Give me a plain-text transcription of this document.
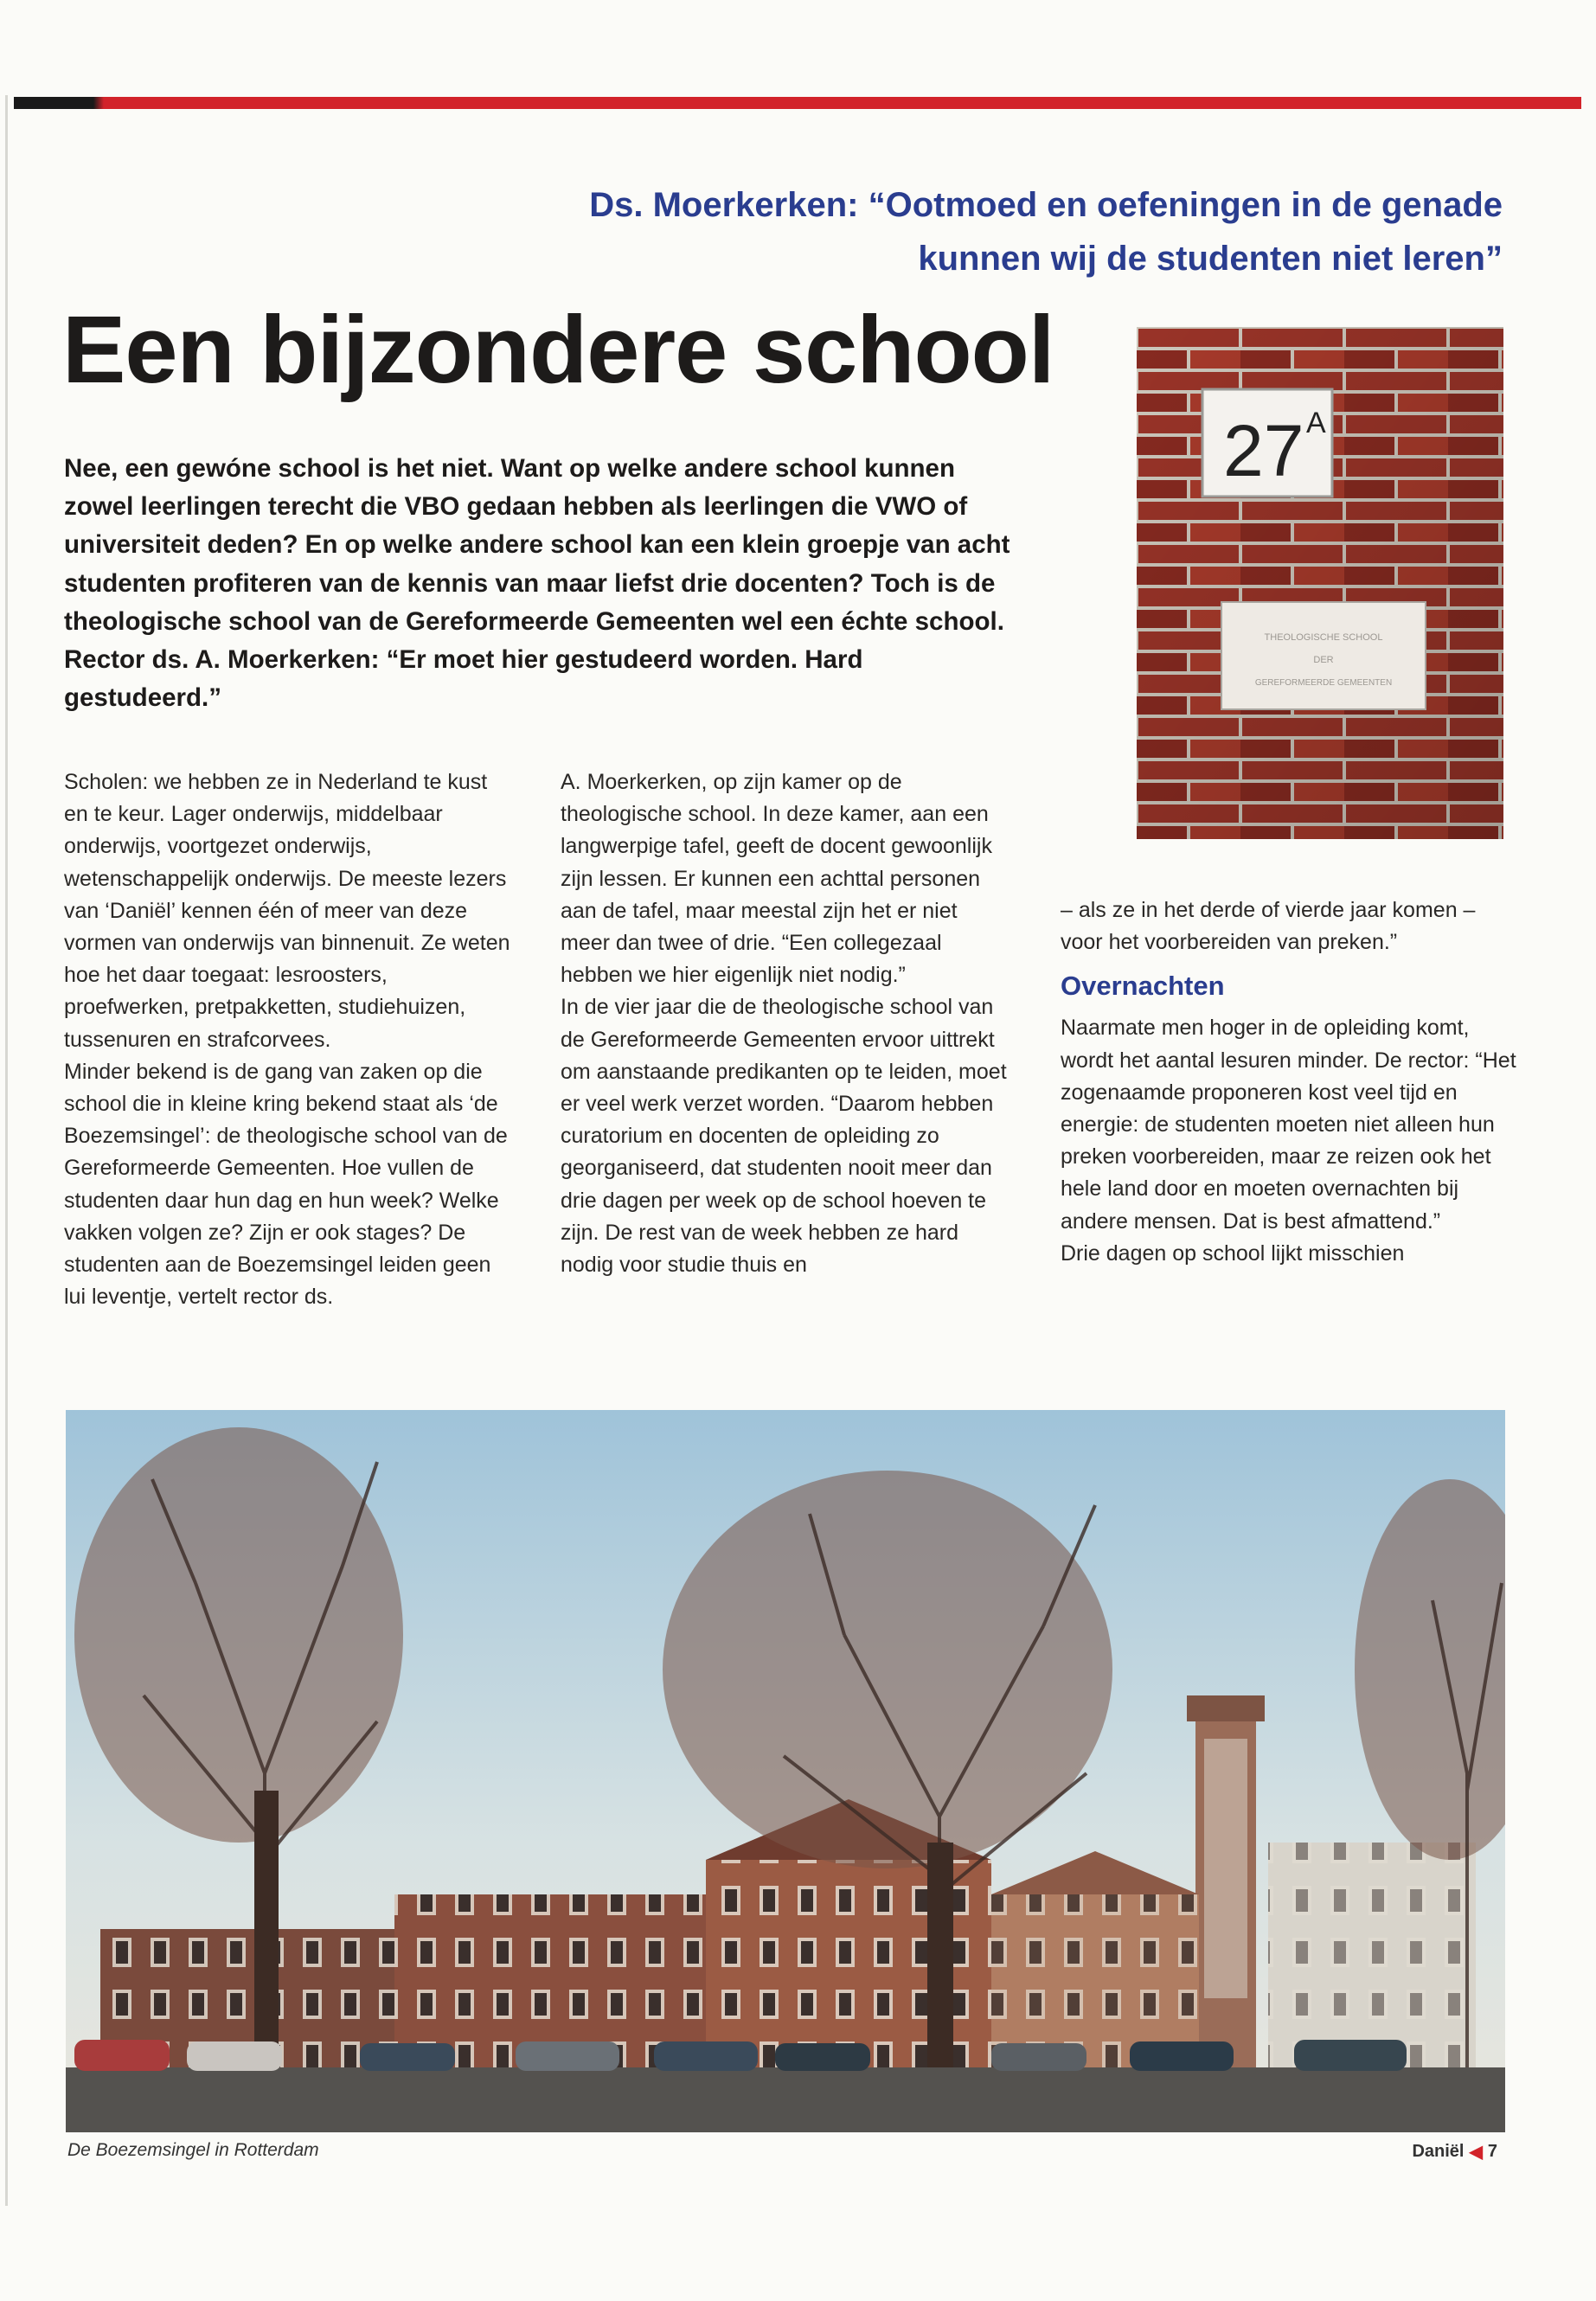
Ds. Moerkerken: “Ootmoed en oefeningen in de genade
kunnen wij de studenten niet leren”
Een bijzondere school

Nee, een gewóne school is het niet. Want op welke andere school kunnen zowel leerlingen terecht die VBO gedaan hebben als leerlingen die VWO of universiteit deden? En op welke andere school kan een klein groepje van acht studenten profiteren van de kennis van maar liefst drie docenten? Toch is de theologische school van de Gereformeerde Gemeenten wel een échte school. Rector ds. A. Moerkerken: “Er moet hier gestudeerd worden. Hard gestudeerd.”

27 A
THEOLOGISCHE SCHOOL
DER
GEREFORMEERDE GEMEENTEN

Scholen: we hebben ze in Nederland te kust en te keur. Lager onderwijs, middelbaar onderwijs, voortgezet onderwijs, wetenschappelijk onderwijs. De meeste lezers van ‘Daniël’ kennen één of meer van deze vormen van onderwijs van binnenuit. Ze weten hoe het daar toegaat: lesroosters, proefwerken, pretpakketten, studiehuizen, tussenuren en strafcorvees.

Minder bekend is de gang van zaken op die school die in kleine kring bekend staat als ‘de Boezemsingel’: de theologische school van de Gereformeerde Gemeenten. Hoe vullen de studenten daar hun dag en hun week? Welke vakken volgen ze? Zijn er ook stages? De studenten aan de Boezemsingel leiden geen lui leventje, vertelt rector ds.

A. Moerkerken, op zijn kamer op de theologische school. In deze kamer, aan een langwerpige tafel, geeft de docent gewoonlijk zijn lessen. Er kunnen een achttal personen aan de tafel, maar meestal zijn het er niet meer dan twee of drie. “Een collegezaal hebben we hier eigenlijk niet nodig.”

In de vier jaar die de theologische school van de Gereformeerde Gemeenten ervoor uittrekt om aanstaande predikanten op te leiden, moet er veel werk verzet worden. “Daarom hebben curatorium en docenten de opleiding zo georganiseerd, dat studenten nooit meer dan drie dagen per week op de school hoeven te zijn. De rest van de week hebben ze hard nodig voor studie thuis en

– als ze in het derde of vierde jaar komen – voor het voorbereiden van preken.”

Overnachten

Naarmate men hoger in de opleiding komt, wordt het aantal lesuren minder. De rector: “Het zogenaamde proponeren kost veel tijd en energie: de studenten moeten niet alleen hun preken voorbereiden, maar ze reizen ook het hele land door en moeten overnachten bij andere mensen. Dat is best afmattend.”

Drie dagen op school lijkt misschien

De Boezemsingel in Rotterdam	Daniël ◀ 7
